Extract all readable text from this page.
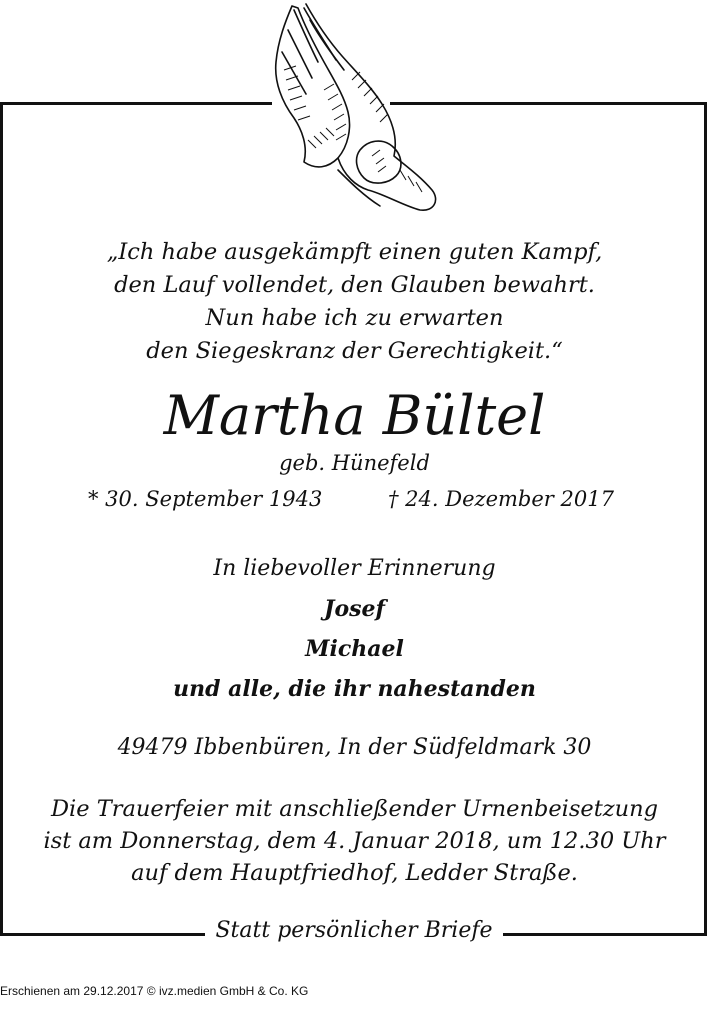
„Ich habe ausgekämpft einen guten Kampf,
den Lauf vollendet, den Glauben bewahrt.
Nun habe ich zu erwarten
den Siegeskranz der Gerechtigkeit.“
Martha Bültel
geb. Hünefeld
* 30. September 1943	† 24. Dezember 2017
In liebevoller Erinnerung
Josef
Michael
und alle, die ihr nahestanden
49479 Ibbenbüren, In der Südfeldmark 30
Die Trauerfeier mit anschließender Urnenbeisetzung
ist am Donnerstag, dem 4. Januar 2018, um 12.30 Uhr
auf dem Hauptfriedhof, Ledder Straße.
Statt persönlicher Briefe
Erschienen am 29.12.2017 © ivz.medien GmbH & Co. KG
